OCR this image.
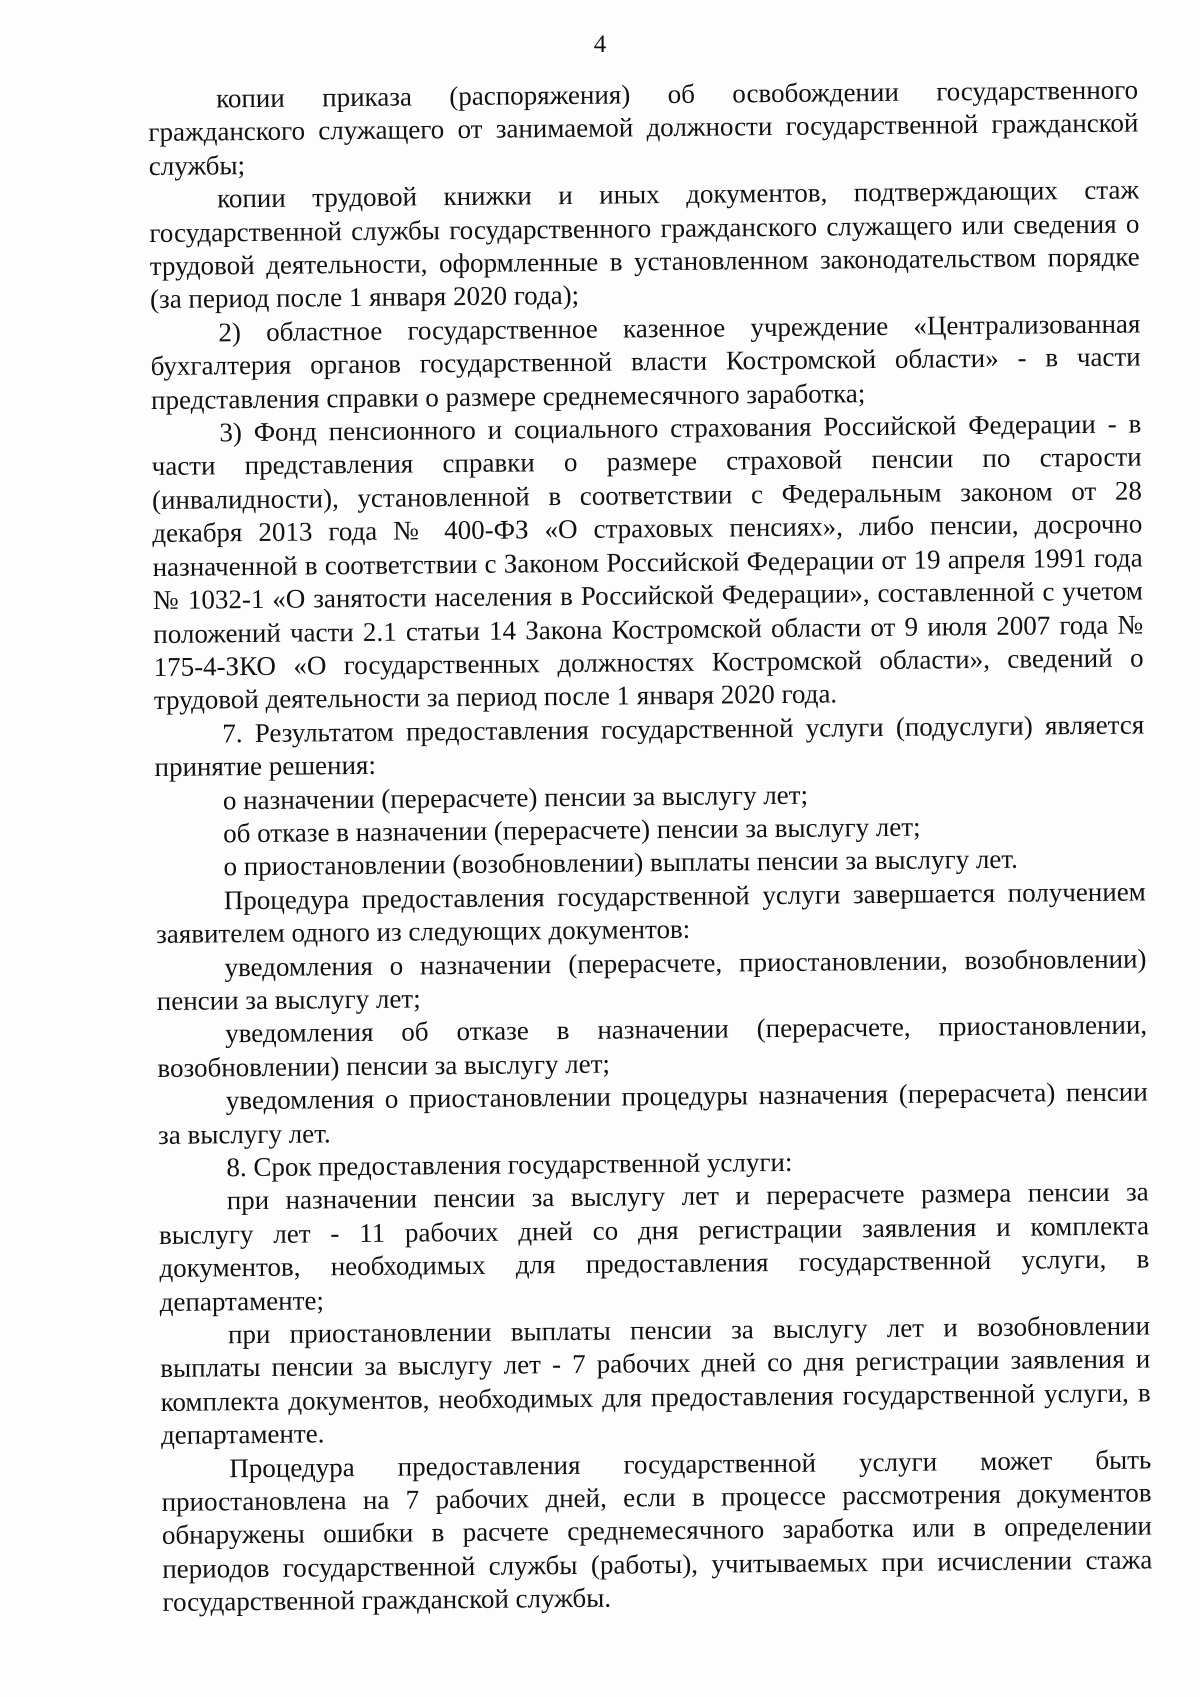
4

копии приказа (распоряжения) об освобождении государственного гражданского служащего от занимаемой должности государственной гражданской службы;

копии трудовой книжки и иных документов, подтверждающих стаж государственной службы государственного гражданского служащего или сведения о трудовой деятельности, оформленные в установленном законодательством порядке (за период после 1 января 2020 года);

2) областное государственное казенное учреждение «Централизованная бухгалтерия органов государственной власти Костромской области» - в части представления справки о размере среднемесячного заработка;

3) Фонд пенсионного и социального страхования Российской Федерации - в части представления справки о размере страховой пенсии по старости (инвалидности), установленной в соответствии с Федеральным законом от 28 декабря 2013 года № 400-ФЗ «О страховых пенсиях», либо пенсии, досрочно назначенной в соответствии с Законом Российской Федерации от 19 апреля 1991 года № 1032-1 «О занятости населения в Российской Федерации», составленной с учетом положений части 2.1 статьи 14 Закона Костромской области от 9 июля 2007 года № 175-4-ЗКО «О государственных должностях Костромской области», сведений о трудовой деятельности за период после 1 января 2020 года.

7. Результатом предоставления государственной услуги (подуслуги) является принятие решения:

о назначении (перерасчете) пенсии за выслугу лет;

об отказе в назначении (перерасчете) пенсии за выслугу лет;

о приостановлении (возобновлении) выплаты пенсии за выслугу лет.

Процедура предоставления государственной услуги завершается получением заявителем одного из следующих документов:

уведомления о назначении (перерасчете, приостановлении, возобновлении) пенсии за выслугу лет;

уведомления об отказе в назначении (перерасчете, приостановлении, возобновлении) пенсии за выслугу лет;

уведомления о приостановлении процедуры назначения (перерасчета) пенсии за выслугу лет.

8. Срок предоставления государственной услуги:

при назначении пенсии за выслугу лет и перерасчете размера пенсии за выслугу лет - 11 рабочих дней со дня регистрации заявления и комплекта документов, необходимых для предоставления государственной услуги, в департаменте;

при приостановлении выплаты пенсии за выслугу лет и возобновлении выплаты пенсии за выслугу лет - 7 рабочих дней со дня регистрации заявления и комплекта документов, необходимых для предоставления государственной услуги, в департаменте.

Процедура предоставления государственной услуги может быть приостановлена на 7 рабочих дней, если в процессе рассмотрения документов обнаружены ошибки в расчете среднемесячного заработка или в определении периодов государственной службы (работы), учитываемых при исчислении стажа государственной гражданской службы.
